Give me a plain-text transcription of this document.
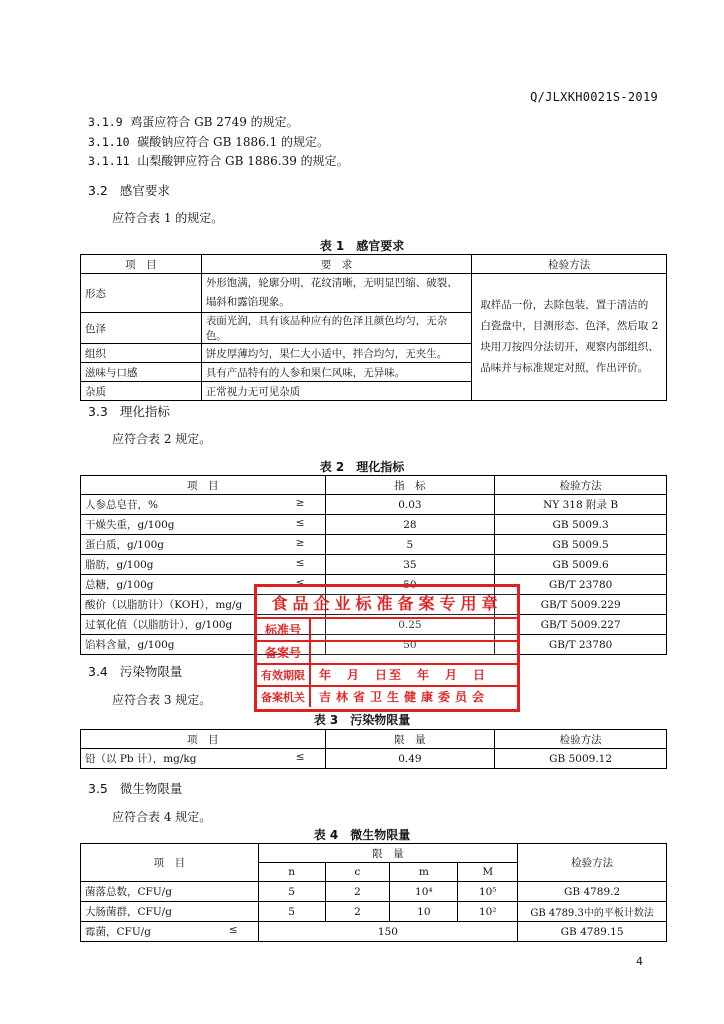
Q/JLXKH0021S-2019
3.1.9 鸡蛋应符合 GB 2749 的规定。
3.1.10 碳酸钠应符合 GB 1886.1 的规定。
3.1.11 山梨酸钾应符合 GB 1886.39 的规定。
3.2 感官要求
应符合表 1 的规定。
表 1　感官要求
项　目	要　求	检验方法
形态	外形饱满，轮廓分明，花纹清晰，无明显凹缩、破裂、
塌斜和露馅现象。	取样品一份，去除包装，置于清洁的
白瓷盘中，目测形态、色泽，然后取 2
块用刀按四分法切开，观察内部组织、
品味并与标准规定对照，作出评价。
色泽	表面光润，具有该品种应有的色泽且颜色均匀，无杂色。	
组织	饼皮厚薄均匀，果仁大小适中，拌合均匀，无夹生。	
滋味与口感	具有产品特有的人参和果仁风味，无异味。	
杂质	正常视力无可见杂质	
3.3 理化指标
应符合表 2 规定。
表 2　理化指标
项　目	指　标	检验方法
人参总皂苷，% ≥	0.03	NY 318 附录 B
干燥失重，g/100g ≤	28	GB 5009.3
蛋白质，g/100g ≥	5	GB 5009.5
脂肪，g/100g ≤	35	GB 5009.6
总糖，g/100g ≤	50	GB/T 23780
酸价（以脂肪计）（KOH），mg/g		GB/T 5009.229
过氧化值（以脂肪计），g/100g	0.25	GB/T 5009.227
馅料含量，g/100g	50	GB/T 23780
食品企业标准备案专用章
标准号
备案号
有效期限	年　月　日至　年　月　日
备案机关	吉林省卫生健康委员会
3.4 污染物限量
应符合表 3 规定。
表 3　污染物限量
项　目	限　量	检验方法
铅（以 Pb 计），mg/kg ≤	0.49	GB 5009.12
3.5 微生物限量
应符合表 4 规定。
表 4　微生物限量
项　目	限　量				检验方法
	n	c	m	M	
菌落总数，CFU/g	5	2	10⁴	10⁵	GB 4789.2
大肠菌群，CFU/g	5	2	10	10²	GB 4789.3中的平板计数法
霉菌，CFU/g ≤	150				GB 4789.15
4
